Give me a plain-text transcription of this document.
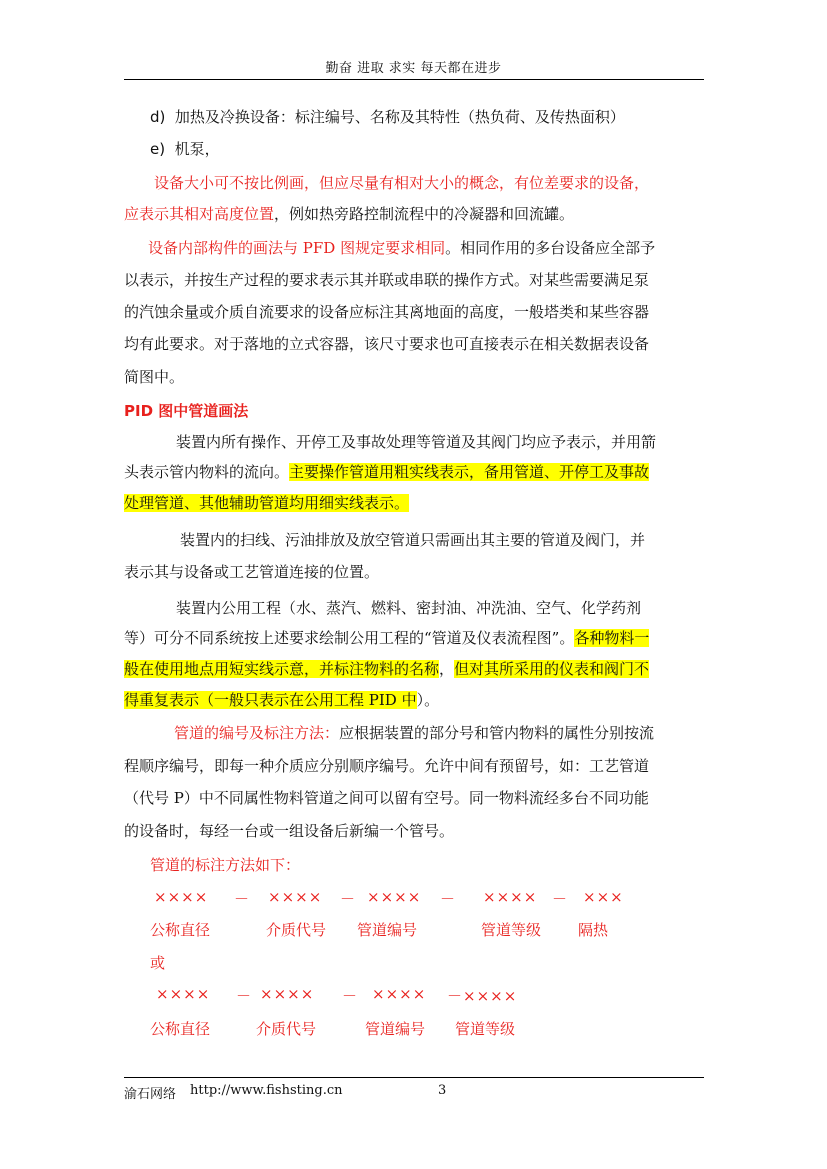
勤奋 进取 求实 每天都在进步
d) 加热及冷换设备：标注编号、名称及其特性（热负荷、及传热面积）
e) 机泵，
设备大小可不按比例画，但应尽量有相对大小的概念，有位差要求的设备，
应表示其相对高度位置，例如热旁路控制流程中的冷凝器和回流罐。
设备内部构件的画法与 PFD 图规定要求相同。相同作用的多台设备应全部予
以表示，并按生产过程的要求表示其并联或串联的操作方式。对某些需要满足泵
的汽蚀余量或介质自流要求的设备应标注其离地面的高度，一般塔类和某些容器
均有此要求。对于落地的立式容器，该尺寸要求也可直接表示在相关数据表设备
简图中。
PID 图中管道画法
装置内所有操作、开停工及事故处理等管道及其阀门均应予表示，并用箭
头表示管内物料的流向。主要操作管道用粗实线表示，备用管道、开停工及事故
处理管道、其他辅助管道均用细实线表示。
装置内的扫线、污油排放及放空管道只需画出其主要的管道及阀门，并
表示其与设备或工艺管道连接的位置。
装置内公用工程（水、蒸汽、燃料、密封油、冲洗油、空气、化学药剂
等）可分不同系统按上述要求绘制公用工程的“管道及仪表流程图”。各种物料一
般在使用地点用短实线示意，并标注物料的名称，但对其所采用的仪表和阀门不
得重复表示（一般只表示在公用工程 PID 中）。
管道的编号及标注方法：应根据装置的部分号和管内物料的属性分别按流
程顺序编号，即每一种介质应分别顺序编号。允许中间有预留号，如：工艺管道
（代号 P）中不同属性物料管道之间可以留有空号。同一物料流经多台不同功能
的设备时，每经一台或一组设备后新编一个管号。
管道的标注方法如下：
×××× － ×××× － ×××× － ×××× － ×××
公称直径	介质代号 管道编号	管道等级 隔热
或
×××× － ×××× － ×××× －××××
公称直径	介质代号	管道编号 管道等级
渝石网络 http://www.fishsting.cn	3
